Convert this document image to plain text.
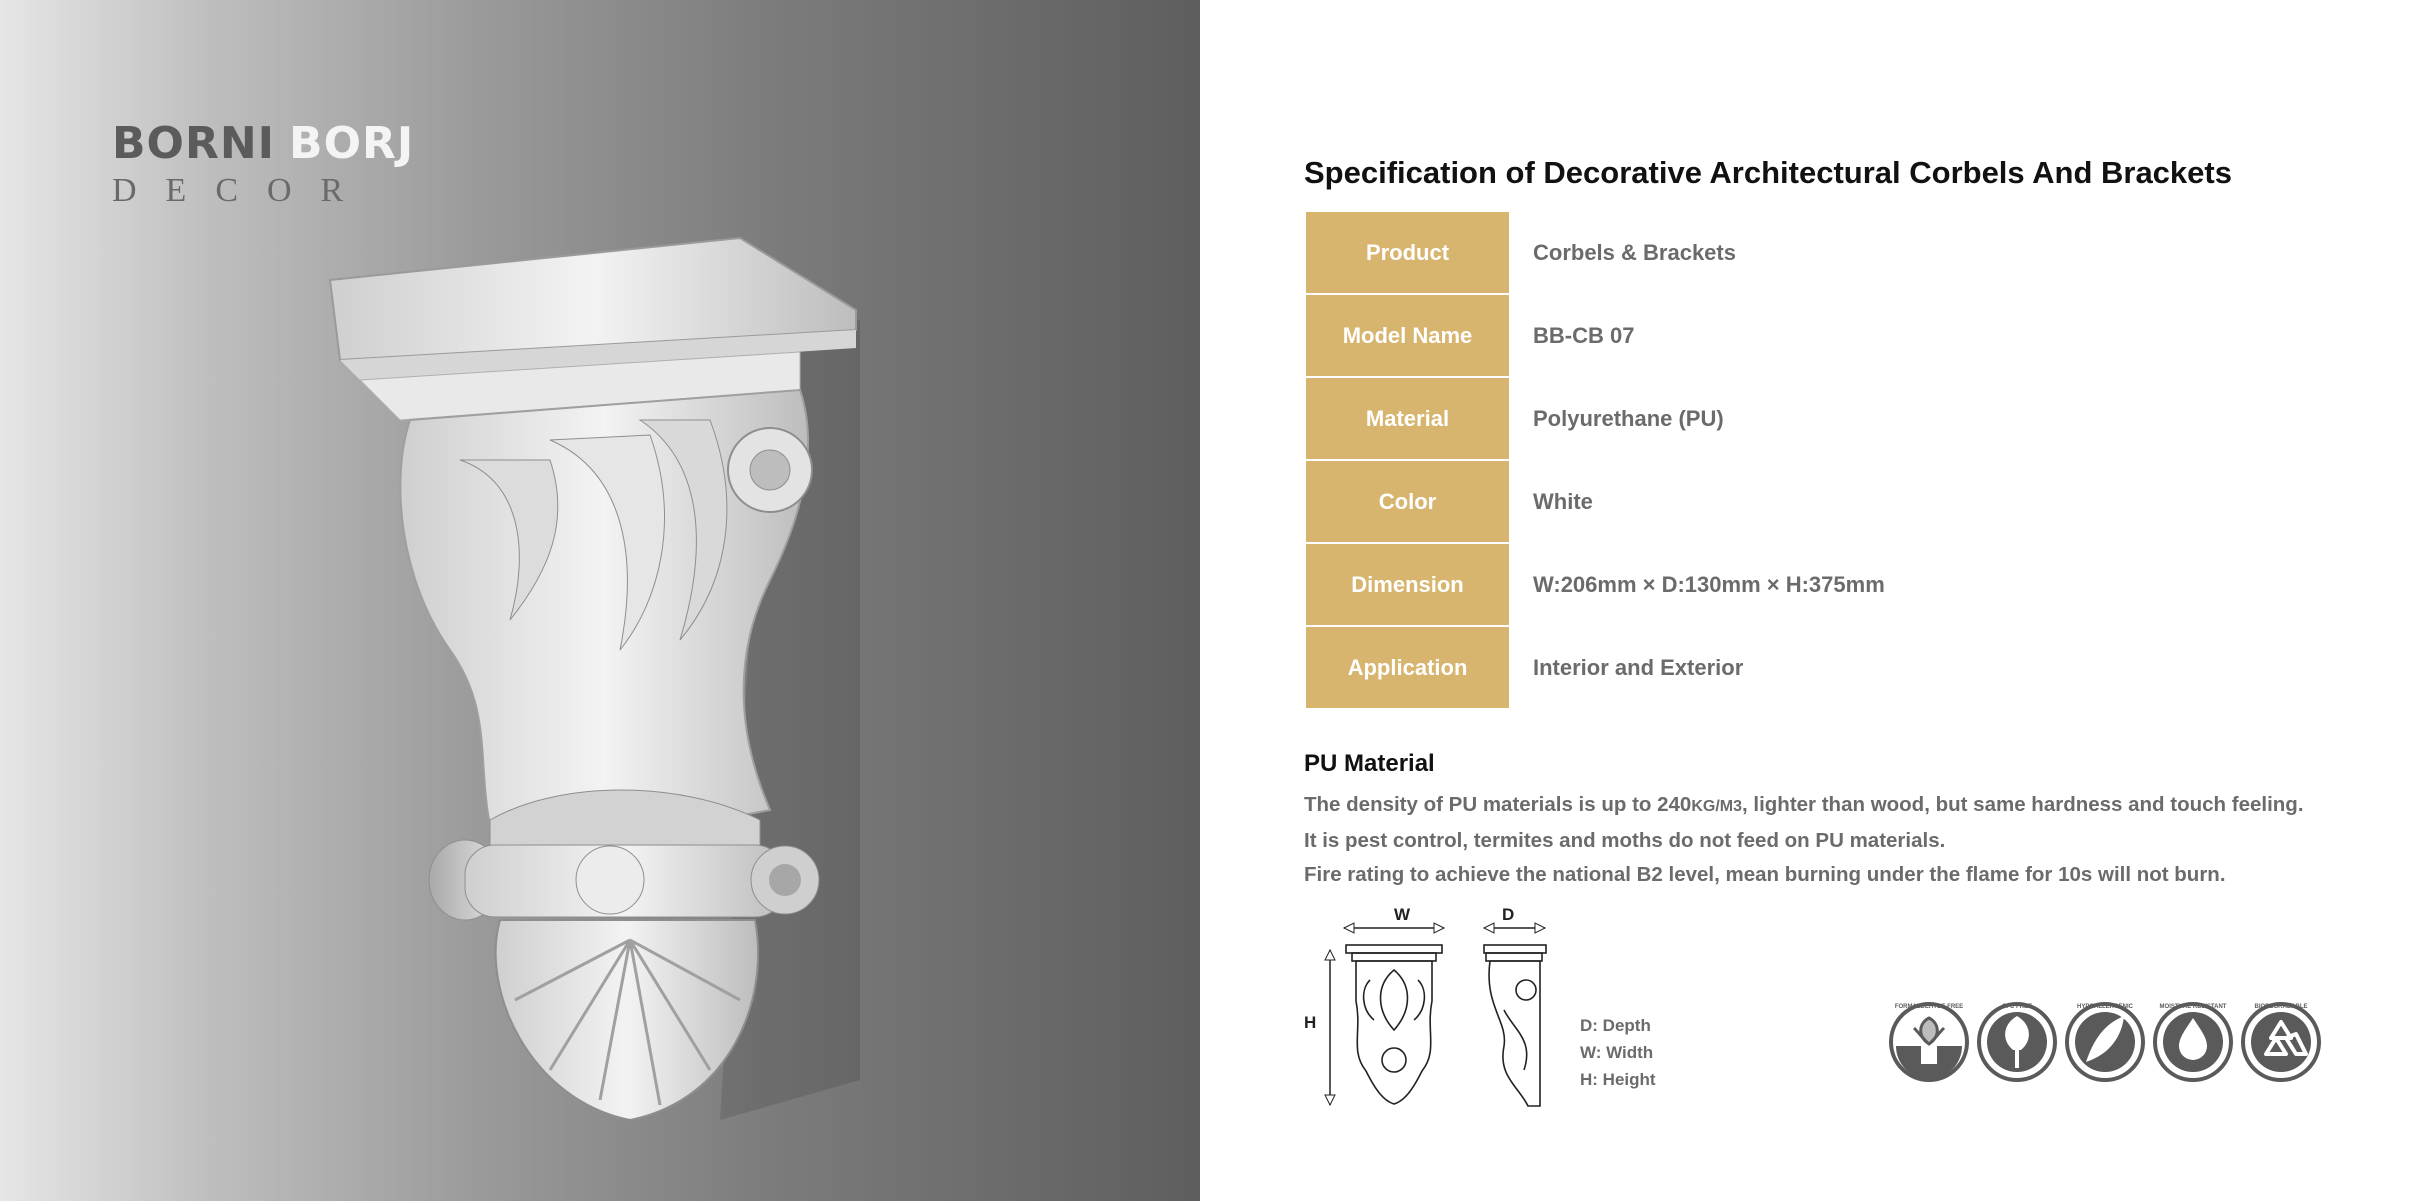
BORNI BORJ
DECOR	Specification of Decorative Architectural Corbels And Brackets
Product	Corbels & Brackets
Model Name	BB-CB 07
Material	Polyurethane (PU)
Color	White
Dimension	W:206mm × D:130mm × H:375mm
Application	Interior and Exterior
PU Material
The density of PU materials is up to 240KG/M3, lighter than wood, but same hardness and touch feeling.
It is pest control, termites and moths do not feed on PU materials.
Fire rating to achieve the national B2 level, mean burning under the flame for 10s will not burn.
W	D
H	D: Depth
W: Width
H: Height
FORMALDEHYDE FREE	CFC FREE	HYPOALLERGENIC	MOISTURE RESISTANT	BIODEGRADABLE
